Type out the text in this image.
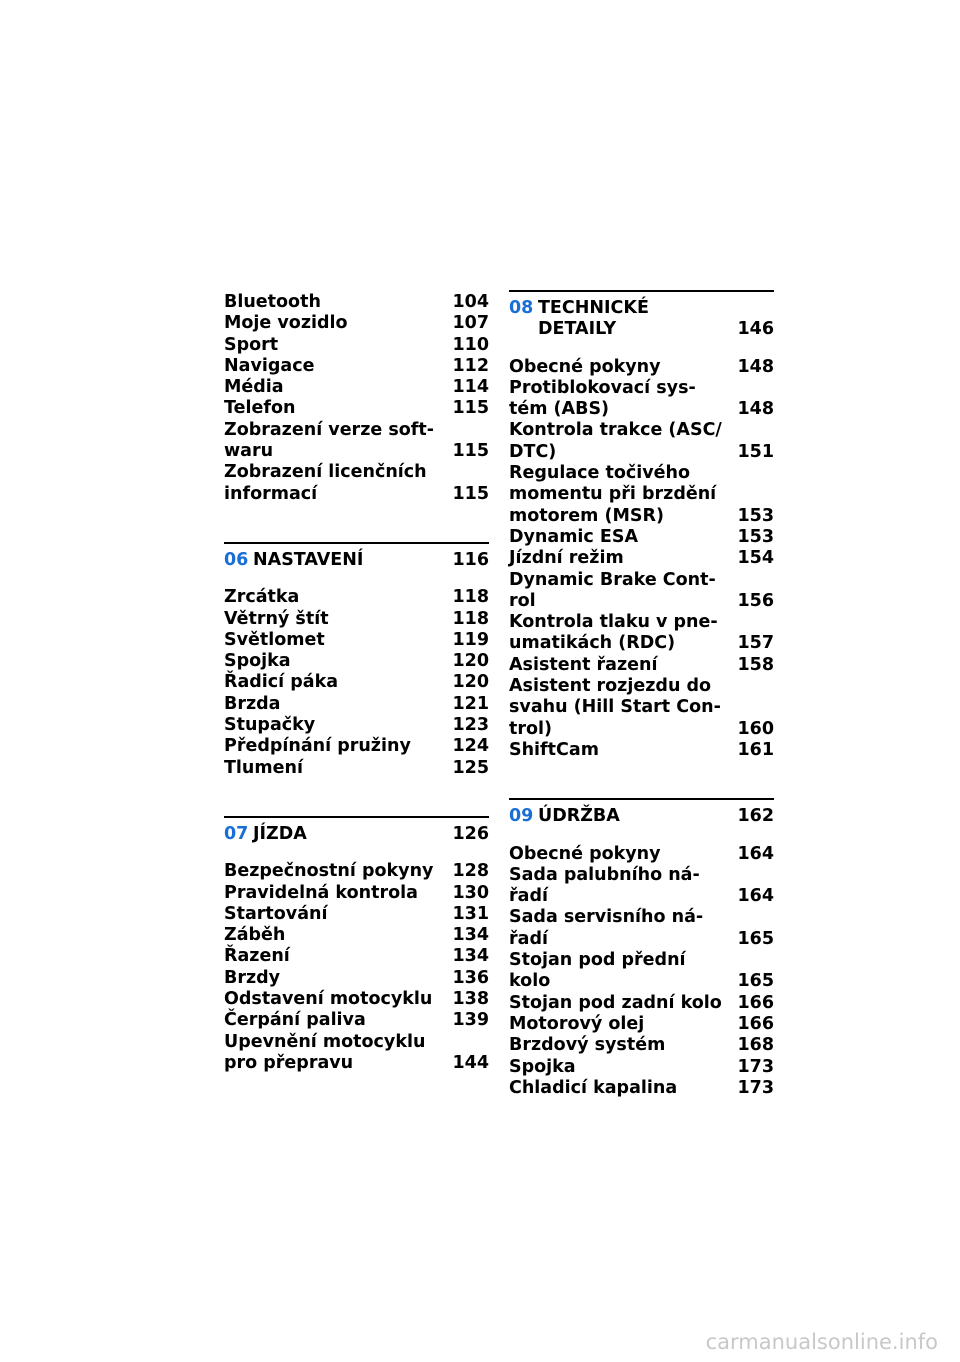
Bluetooth	104
Moje vozidlo	107
Sport	110
Navigace	112
Média	114
Telefon	115
Zobrazení verze soft-
waru	115
Zobrazení licenčních
informací	115
06 NASTAVENÍ	116
Zrcátka	118
Větrný štít	118
Světlomet	119
Spojka	120
Řadicí páka	120
Brzda	121
Stupačky	123
Předpínání pružiny 124
Tlumení	125
07 JÍZDA	126
Bezpečnostní pokyny 128
Pravidelná kontrola 130
Startování	131
Záběh	134
Řazení	134
Brzdy	136
Odstavení motocyklu 138
Čerpání paliva	139
Upevnění motocyklu
pro přepravu	144
08 TECHNICKÉ
DETAILY	146
Obecné pokyny	148
Protiblokovací sys-
tém (ABS)	148
Kontrola trakce (ASC/
DTC)	151
Regulace točivého
momentu při brzdění
motorem (MSR)	153
Dynamic ESA	153
Jízdní režim	154
Dynamic Brake Cont-
rol	156
Kontrola tlaku v pne-
umatikách (RDC)	157
Asistent řazení	158
Asistent rozjezdu do
svahu (Hill Start Con-
trol)	160
ShiftCam	161
09 ÚDRŽBA	162
Obecné pokyny	164
Sada palubního ná-
řadí	164
Sada servisního ná-
řadí	165
Stojan pod přední
kolo	165
Stojan pod zadní kolo 166
Motorový olej	166
Brzdový systém	168
Spojka	173
Chladicí kapalina	173
carmanualsonline.info
